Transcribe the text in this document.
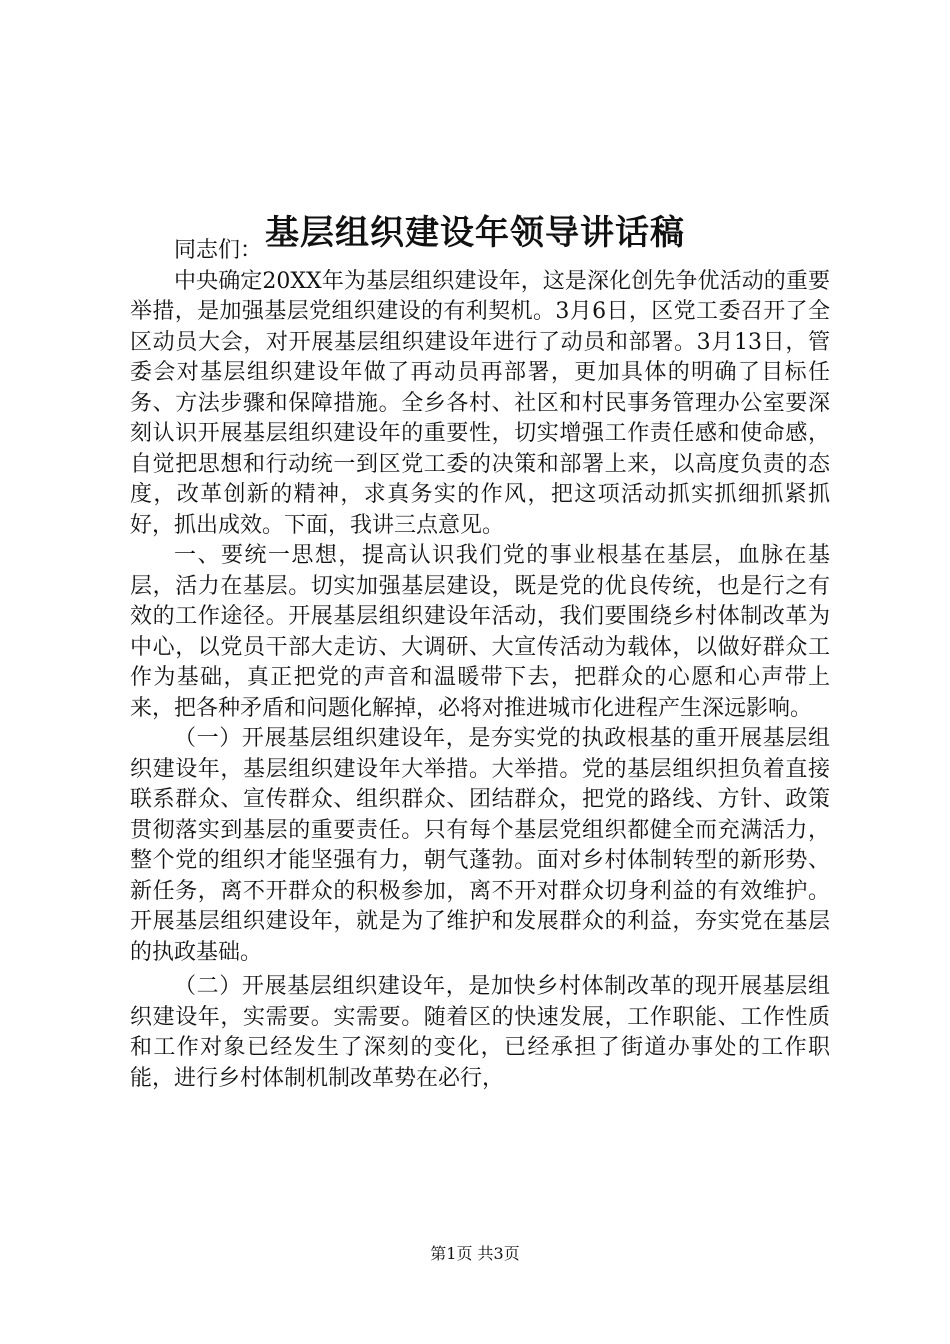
基层组织建设年领导讲话稿

同志们：

中央确定20XX年为基层组织建设年，这是深化创先争优活动的重要举措，是加强基层党组织建设的有利契机。3月6日，区党工委召开了全区动员大会，对开展基层组织建设年进行了动员和部署。3月13日，管委会对基层组织建设年做了再动员再部署，更加具体的明确了目标任务、方法步骤和保障措施。全乡各村、社区和村民事务管理办公室要深刻认识开展基层组织建设年的重要性，切实增强工作责任感和使命感，自觉把思想和行动统一到区党工委的决策和部署上来，以高度负责的态度，改革创新的精神，求真务实的作风，把这项活动抓实抓细抓紧抓好，抓出成效。下面，我讲三点意见。

一、要统一思想，提高认识我们党的事业根基在基层，血脉在基层，活力在基层。切实加强基层建设，既是党的优良传统，也是行之有效的工作途径。开展基层组织建设年活动，我们要围绕乡村体制改革为中心，以党员干部大走访、大调研、大宣传活动为载体，以做好群众工作为基础，真正把党的声音和温暖带下去，把群众的心愿和心声带上来，把各种矛盾和问题化解掉，必将对推进城市化进程产生深远影响。

（一）开展基层组织建设年，是夯实党的执政根基的重开展基层组织建设年，基层组织建设年大举措。大举措。党的基层组织担负着直接联系群众、宣传群众、组织群众、团结群众，把党的路线、方针、政策贯彻落实到基层的重要责任。只有每个基层党组织都健全而充满活力，整个党的组织才能坚强有力，朝气蓬勃。面对乡村体制转型的新形势、新任务，离不开群众的积极参加，离不开对群众切身利益的有效维护。开展基层组织建设年，就是为了维护和发展群众的利益，夯实党在基层的执政基础。

（二）开展基层组织建设年，是加快乡村体制改革的现开展基层组织建设年，实需要。实需要。随着区的快速发展，工作职能、工作性质和工作对象已经发生了深刻的变化，已经承担了街道办事处的工作职能，进行乡村体制机制改革势在必行，

第1页 共3页
